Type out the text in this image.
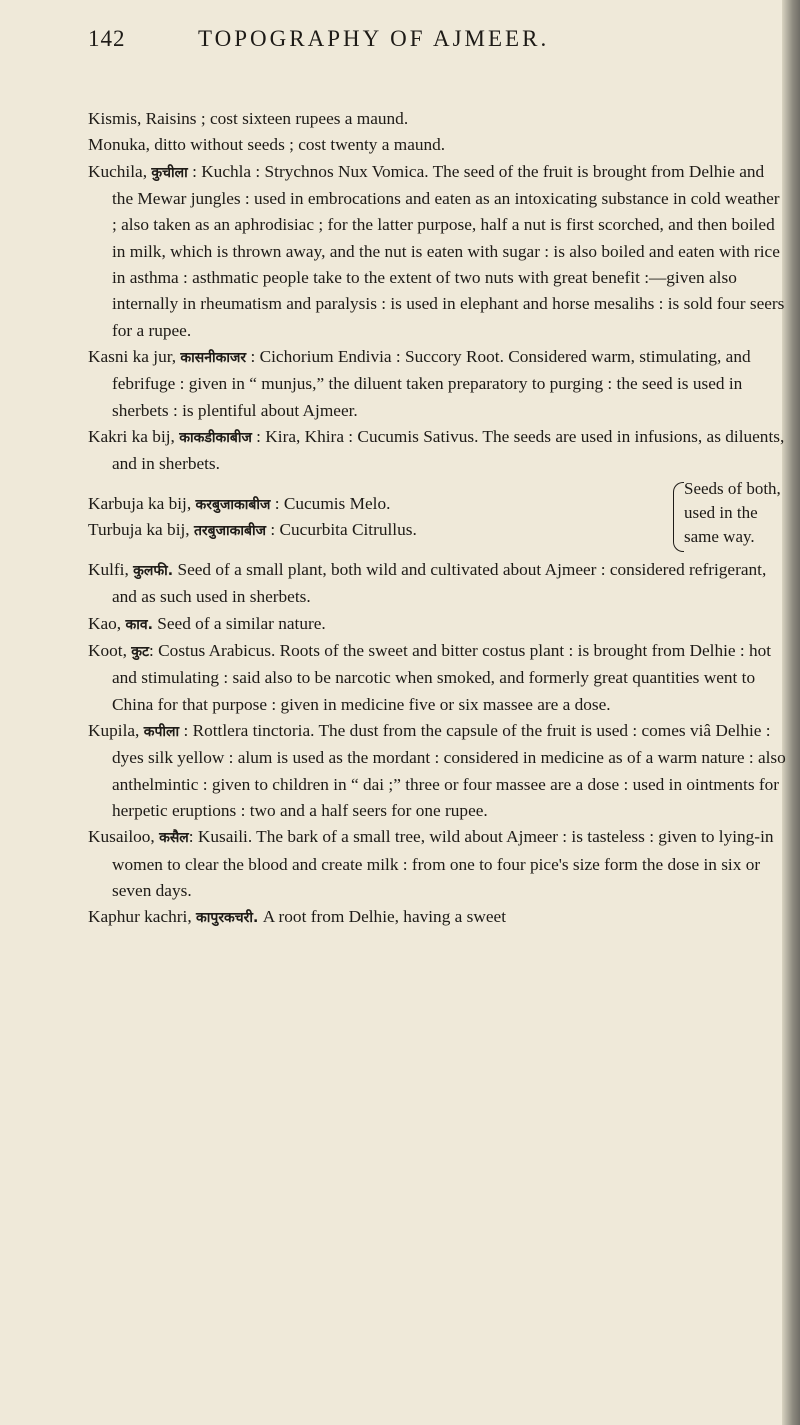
142	TOPOGRAPHY OF AJMEER.

Kismis, Raisins ; cost sixteen rupees a maund.

Monuka, ditto without seeds ; cost twenty a maund.

Kuchila, कुचीला : Kuchla : Strychnos Nux Vomica. The seed of the fruit is brought from Delhie and the Mewar jungles : used in embrocations and eaten as an intoxicating substance in cold weather ; also taken as an aphrodisiac ; for the latter purpose, half a nut is first scorched, and then boiled in milk, which is thrown away, and the nut is eaten with sugar : is also boiled and eaten with rice in asthma : asthmatic people take to the extent of two nuts with great benefit :—given also internally in rheumatism and paralysis : is used in elephant and horse mesalihs : is sold four seers for a rupee.

Kasni ka jur, कासनीकाजर : Cichorium Endivia : Succory Root. Considered warm, stimulating, and febrifuge : given in “ munjus,” the diluent taken preparatory to purging : the seed is used in sherbets : is plentiful about Ajmeer.

Kakri ka bij, काकडीकाबीज : Kira, Khira : Cucumis Sativus. The seeds are used in infusions, as diluents, and in sherbets.

Karbuja ka bij, करबुजाकाबीज : Cucumis Melo.
Turbuja ka bij, तरबुजाकाबीज : Cucurbita Citrullus.
Seeds of both,
used in the
same way.

Kulfi, कुलफी. Seed of a small plant, both wild and cultivated about Ajmeer : considered refrigerant, and as such used in sherbets.

Kao, काव. Seed of a similar nature.

Koot, कुट: Costus Arabicus. Roots of the sweet and bitter costus plant : is brought from Delhie : hot and stimulating : said also to be narcotic when smoked, and formerly great quantities went to China for that purpose : given in medicine five or six massee are a dose.

Kupila, कपीला : Rottlera tinctoria. The dust from the capsule of the fruit is used : comes viâ Delhie : dyes silk yellow : alum is used as the mordant : considered in medicine as of a warm nature : also anthelmintic : given to children in “ dai ;” three or four massee are a dose : used in ointments for herpetic eruptions : two and a half seers for one rupee.

Kusailoo, कसैल: Kusaili. The bark of a small tree, wild about Ajmeer : is tasteless : given to lying-in women to clear the blood and create milk : from one to four pice's size form the dose in six or seven days.

Kaphur kachri, कापुरकचरी. A root from Delhie, having a sweet
